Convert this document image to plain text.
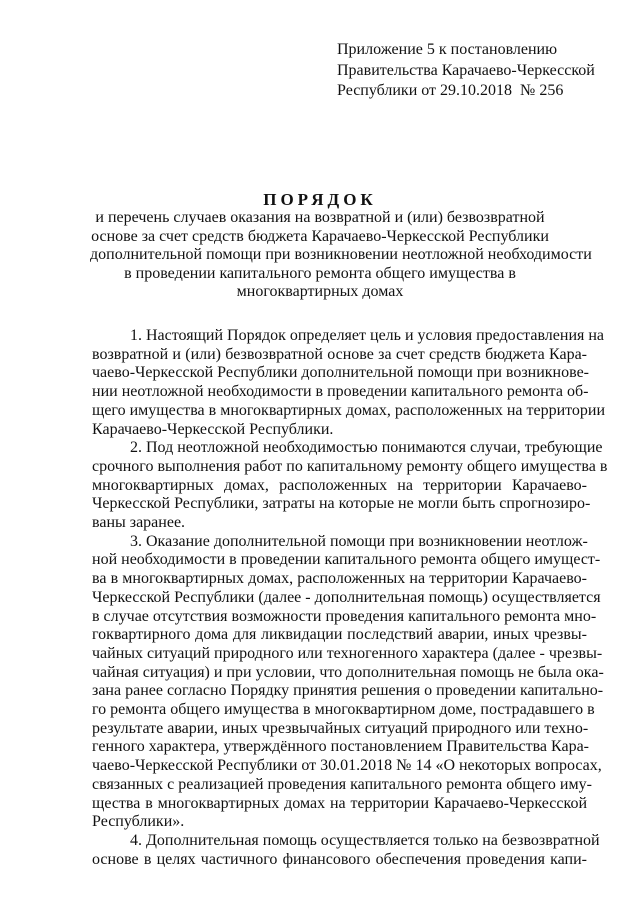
Приложение 5 к постановлению
Правительства Карачаево-Черкесской
Республики от 29.10.2018  № 256
ПОРЯДОК
и перечень случаев оказания на возвратной и (или) безвозвратной
основе за счет средств бюджета Карачаево-Черкесской Республики
дополнительной помощи при возникновении неотложной необходимости
в проведении капитального ремонта общего имущества в
многоквартирных домах
1. Настоящий Порядок определяет цель и условия предоставления на
возвратной и (или) безвозвратной основе за счет средств бюджета Кара-
чаево-Черкесской Республики дополнительной помощи при возникнове-
нии неотложной необходимости в проведении капитального ремонта об-
щего имущества в многоквартирных домах, расположенных на территории
Карачаево-Черкесской Республики.
2. Под неотложной необходимостью понимаются случаи, требующие
срочного выполнения работ по капитальному ремонту общего имущества в
многоквартирных домах, расположенных на территории Карачаево-
Черкесской Республики, затраты на которые не могли быть спрогнозиро-
ваны заранее.
3. Оказание дополнительной помощи при возникновении неотлож-
ной необходимости в проведении капитального ремонта общего имущест-
ва в многоквартирных домах, расположенных на территории Карачаево-
Черкесской Республики (далее - дополнительная помощь) осуществляется
в случае отсутствия возможности проведения капитального ремонта мно-
гоквартирного дома для ликвидации последствий аварии, иных чрезвы-
чайных ситуаций природного или техногенного характера (далее - чрезвы-
чайная ситуация) и при условии, что дополнительная помощь не была ока-
зана ранее согласно Порядку принятия решения о проведении капитально-
го ремонта общего имущества в многоквартирном доме, пострадавшего в
результате аварии, иных чрезвычайных ситуаций природного или техно-
генного характера, утверждённого постановлением Правительства Кара-
чаево-Черкесской Республики от 30.01.2018 № 14 «О некоторых вопросах,
связанных с реализацией проведения капитального ремонта общего иму-
щества в многоквартирных домах на территории Карачаево-Черкесской
Республики».
4. Дополнительная помощь осуществляется только на безвозвратной
основе в целях частичного финансового обеспечения проведения капи-
